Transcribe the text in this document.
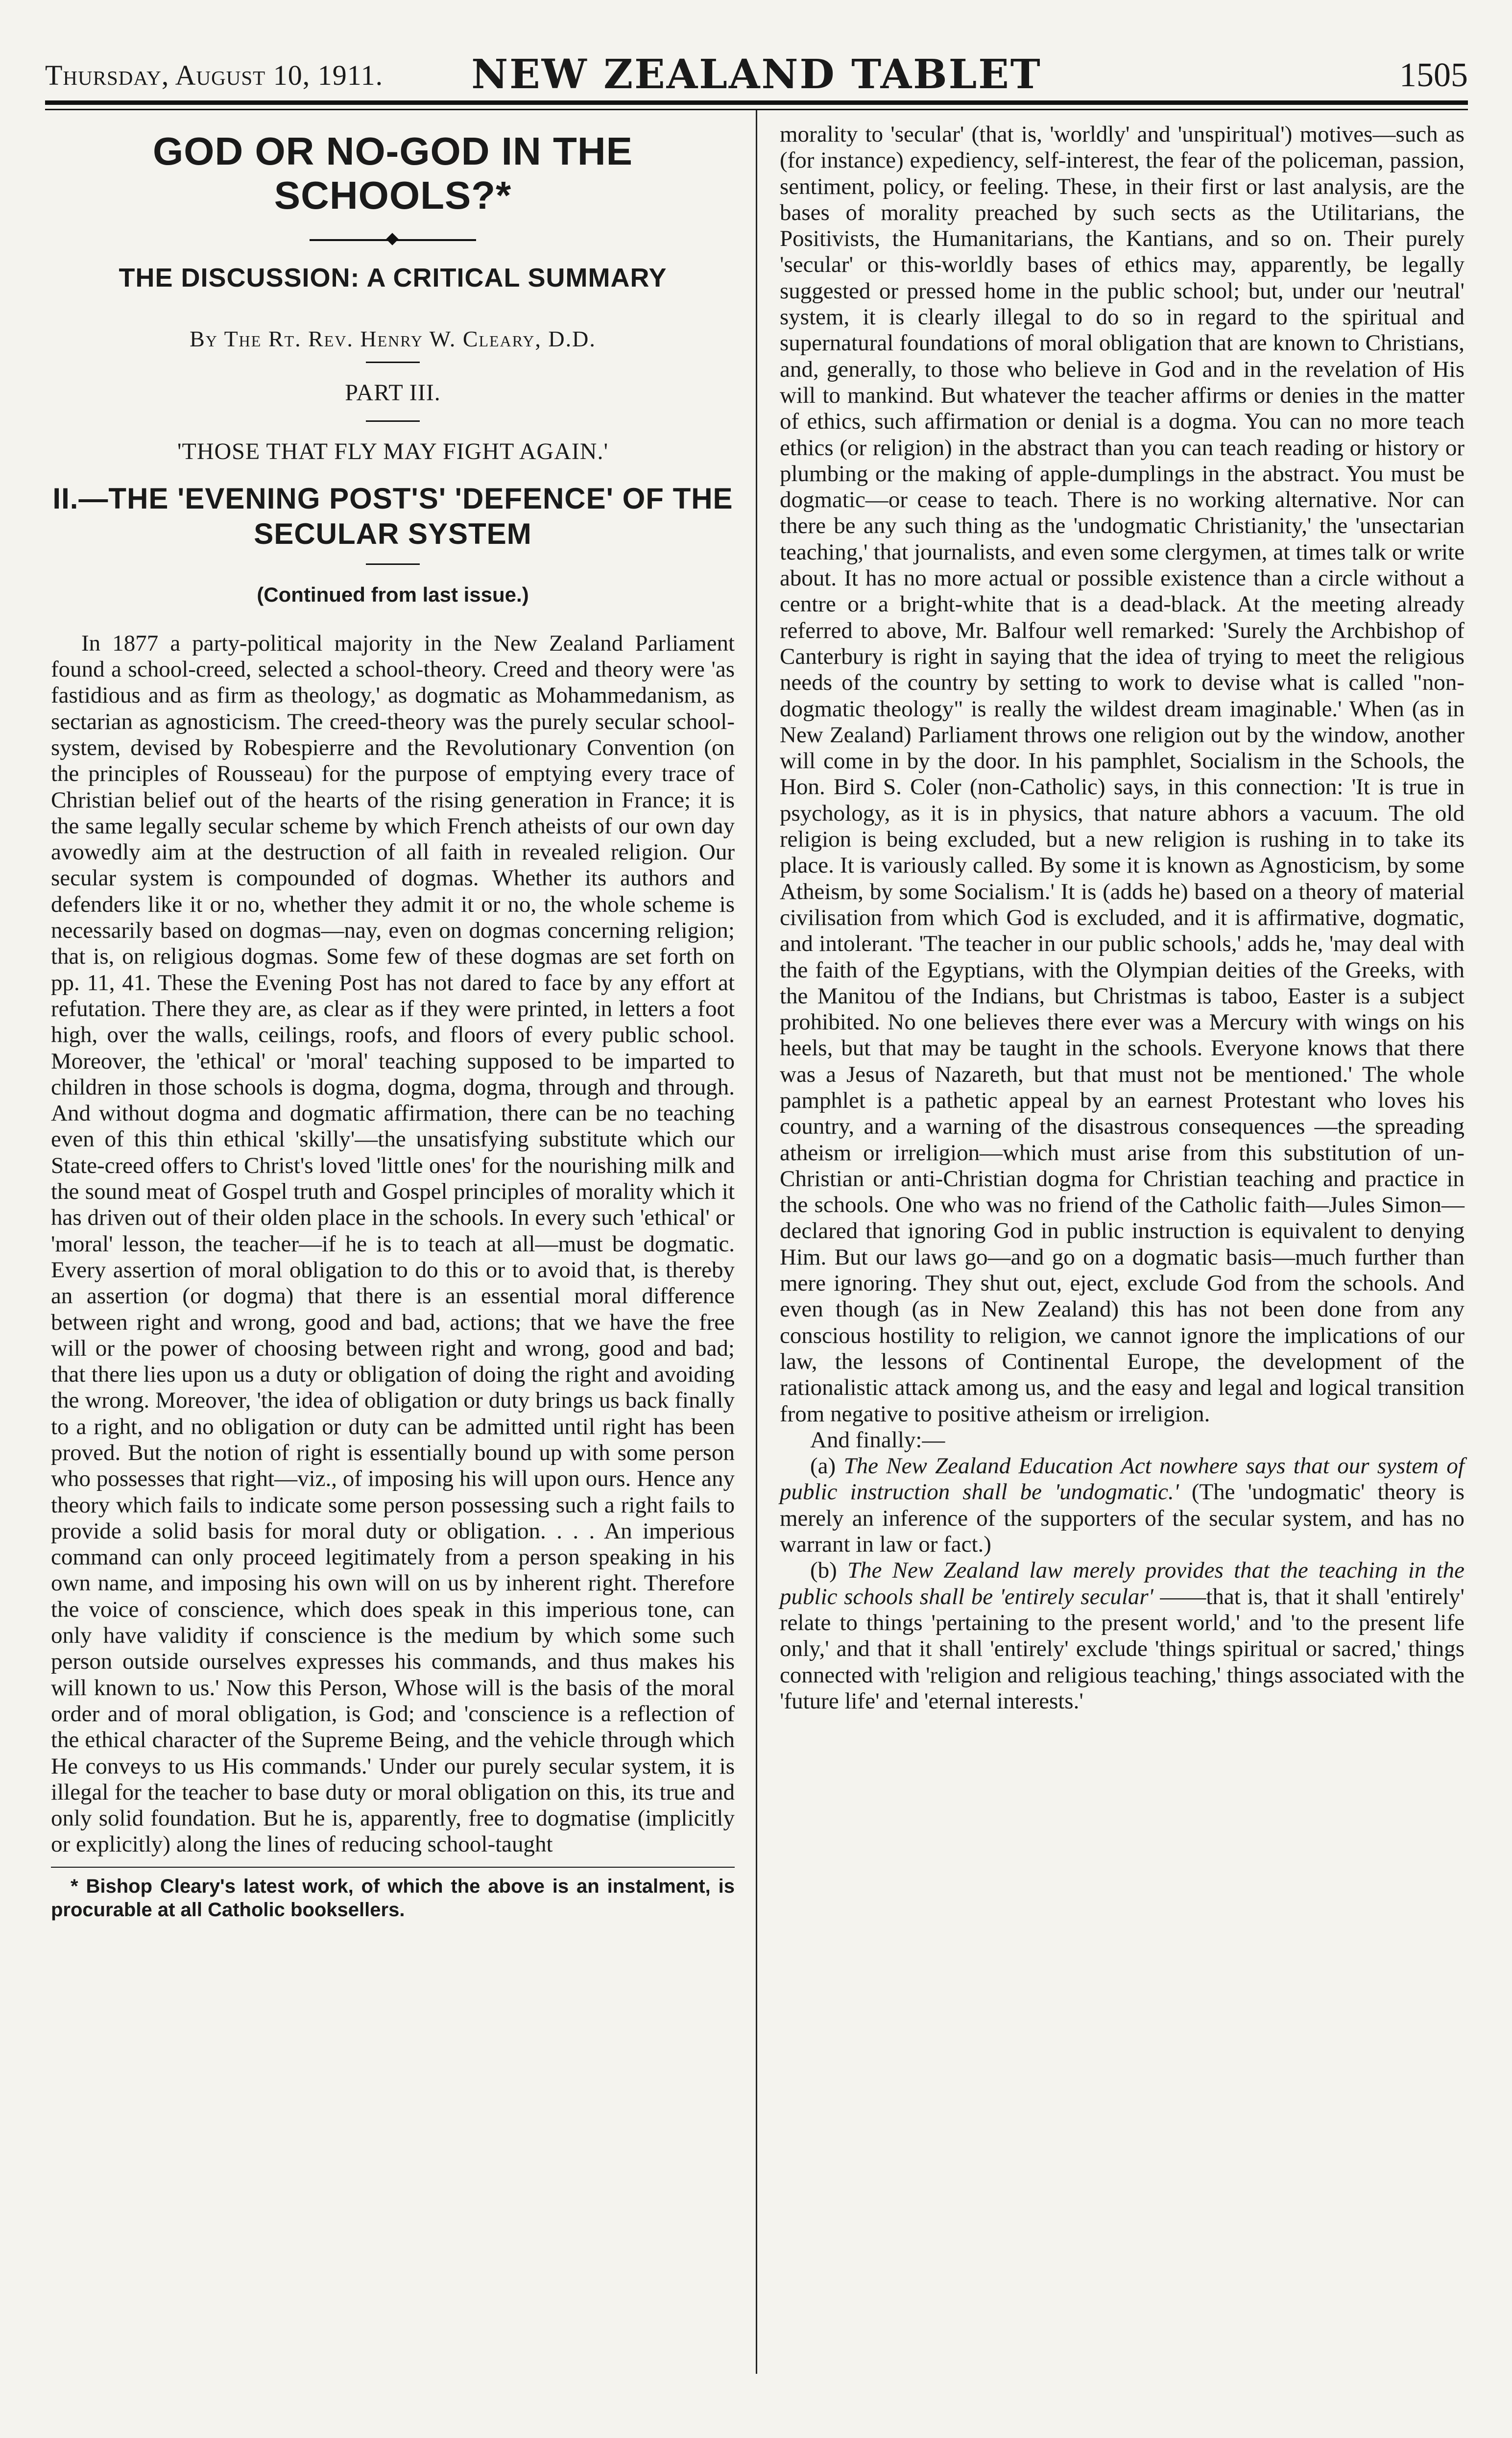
Thursday, August 10, 1911.	NEW ZEALAND TABLET	1505
GOD OR NO-GOD IN THE SCHOOLS?*
THE DISCUSSION: A CRITICAL SUMMARY
By The Rt. Rev. Henry W. Cleary, D.D.
PART III.
'THOSE THAT FLY MAY FIGHT AGAIN.'
II.—THE 'EVENING POST'S' 'DEFENCE' OF THE SECULAR SYSTEM
(Continued from last issue.)

In 1877 a party-political majority in the New Zealand Parliament found a school-creed, selected a school-theory. Creed and theory were 'as fastidious and as firm as theology,' as dogmatic as Mohammedanism, as sectarian as agnosticism. The creed-theory was the purely secular school-system, devised by Robespierre and the Revolutionary Convention (on the principles of Rousseau) for the purpose of emptying every trace of Christian belief out of the hearts of the rising generation in France; it is the same legally secular scheme by which French atheists of our own day avowedly aim at the destruction of all faith in revealed religion. Our secular system is compounded of dogmas. Whether its authors and defenders like it or no, whether they admit it or no, the whole scheme is necessarily based on dogmas—nay, even on dogmas concerning religion; that is, on religious dogmas. Some few of these dogmas are set forth on pp. 11, 41. These the Evening Post has not dared to face by any effort at refutation. There they are, as clear as if they were printed, in letters a foot high, over the walls, ceilings, roofs, and floors of every public school. Moreover, the 'ethical' or 'moral' teaching supposed to be imparted to children in those schools is dogma, dogma, dogma, through and through. And without dogma and dogmatic affirmation, there can be no teaching even of this thin ethical 'skilly'—the unsatisfying substitute which our State-creed offers to Christ's loved 'little ones' for the nourishing milk and the sound meat of Gospel truth and Gospel principles of morality which it has driven out of their olden place in the schools. In every such 'ethical' or 'moral' lesson, the teacher—if he is to teach at all—must be dogmatic. Every assertion of moral obligation to do this or to avoid that, is thereby an assertion (or dogma) that there is an essential moral difference between right and wrong, good and bad, actions; that we have the free will or the power of choosing between right and wrong, good and bad; that there lies upon us a duty or obligation of doing the right and avoiding the wrong. Moreover, 'the idea of obligation or duty brings us back finally to a right, and no obligation or duty can be admitted until right has been proved. But the notion of right is essentially bound up with some person who possesses that right—viz., of imposing his will upon ours. Hence any theory which fails to indicate some person possessing such a right fails to provide a solid basis for moral duty or obligation. . . . An imperious command can only proceed legitimately from a person speaking in his own name, and imposing his own will on us by inherent right. Therefore the voice of conscience, which does speak in this imperious tone, can only have validity if conscience is the medium by which some such person outside ourselves expresses his commands, and thus makes his will known to us.' Now this Person, Whose will is the basis of the moral order and of moral obligation, is God; and 'conscience is a reflection of the ethical character of the Supreme Being, and the vehicle through which He conveys to us His commands.' Under our purely secular system, it is illegal for the teacher to base duty or moral obligation on this, its true and only solid foundation. But he is, apparently, free to dogmatise (implicitly or explicitly) along the lines of reducing school-taught

* Bishop Cleary's latest work, of which the above is an instalment, is procurable at all Catholic booksellers.

morality to 'secular' (that is, 'worldly' and 'unspiritual') motives—such as (for instance) expediency, self-interest, the fear of the policeman, passion, sentiment, policy, or feeling. These, in their first or last analysis, are the bases of morality preached by such sects as the Utilitarians, the Positivists, the Humanitarians, the Kantians, and so on. Their purely 'secular' or this-worldly bases of ethics may, apparently, be legally suggested or pressed home in the public school; but, under our 'neutral' system, it is clearly illegal to do so in regard to the spiritual and supernatural foundations of moral obligation that are known to Christians, and, generally, to those who believe in God and in the revelation of His will to mankind. But whatever the teacher affirms or denies in the matter of ethics, such affirmation or denial is a dogma. You can no more teach ethics (or religion) in the abstract than you can teach reading or history or plumbing or the making of apple-dumplings in the abstract. You must be dogmatic—or cease to teach. There is no working alternative. Nor can there be any such thing as the 'undogmatic Christianity,' the 'unsectarian teaching,' that journalists, and even some clergymen, at times talk or write about. It has no more actual or possible existence than a circle without a centre or a bright-white that is a dead-black. At the meeting already referred to above, Mr. Balfour well remarked: 'Surely the Archbishop of Canterbury is right in saying that the idea of trying to meet the religious needs of the country by setting to work to devise what is called "non-dogmatic theology" is really the wildest dream imaginable.' When (as in New Zealand) Parliament throws one religion out by the window, another will come in by the door. In his pamphlet, Socialism in the Schools, the Hon. Bird S. Coler (non-Catholic) says, in this connection: 'It is true in psychology, as it is in physics, that nature abhors a vacuum. The old religion is being excluded, but a new religion is rushing in to take its place. It is variously called. By some it is known as Agnosticism, by some Atheism, by some Socialism.' It is (adds he) based on a theory of material civilisation from which God is excluded, and it is affirmative, dogmatic, and intolerant. 'The teacher in our public schools,' adds he, 'may deal with the faith of the Egyptians, with the Olympian deities of the Greeks, with the Manitou of the Indians, but Christmas is taboo, Easter is a subject prohibited. No one believes there ever was a Mercury with wings on his heels, but that may be taught in the schools. Everyone knows that there was a Jesus of Nazareth, but that must not be mentioned.' The whole pamphlet is a pathetic appeal by an earnest Protestant who loves his country, and a warning of the disastrous consequences —the spreading atheism or irreligion—which must arise from this substitution of un-Christian or anti-Christian dogma for Christian teaching and practice in the schools. One who was no friend of the Catholic faith—Jules Simon—declared that ignoring God in public instruction is equivalent to denying Him. But our laws go—and go on a dogmatic basis—much further than mere ignoring. They shut out, eject, exclude God from the schools. And even though (as in New Zealand) this has not been done from any conscious hostility to religion, we cannot ignore the implications of our law, the lessons of Continental Europe, the development of the rationalistic attack among us, and the easy and legal and logical transition from negative to positive atheism or irreligion.

And finally:—

(a) The New Zealand Education Act nowhere says that our system of public instruction shall be 'undogmatic.' (The 'undogmatic' theory is merely an inference of the supporters of the secular system, and has no warrant in law or fact.)

(b) The New Zealand law merely provides that the teaching in the public schools shall be 'entirely secular' ——that is, that it shall 'entirely' relate to things 'pertaining to the present world,' and 'to the present life only,' and that it shall 'entirely' exclude 'things spiritual or sacred,' things connected with 'religion and religious teaching,' things associated with the 'future life' and 'eternal interests.'
